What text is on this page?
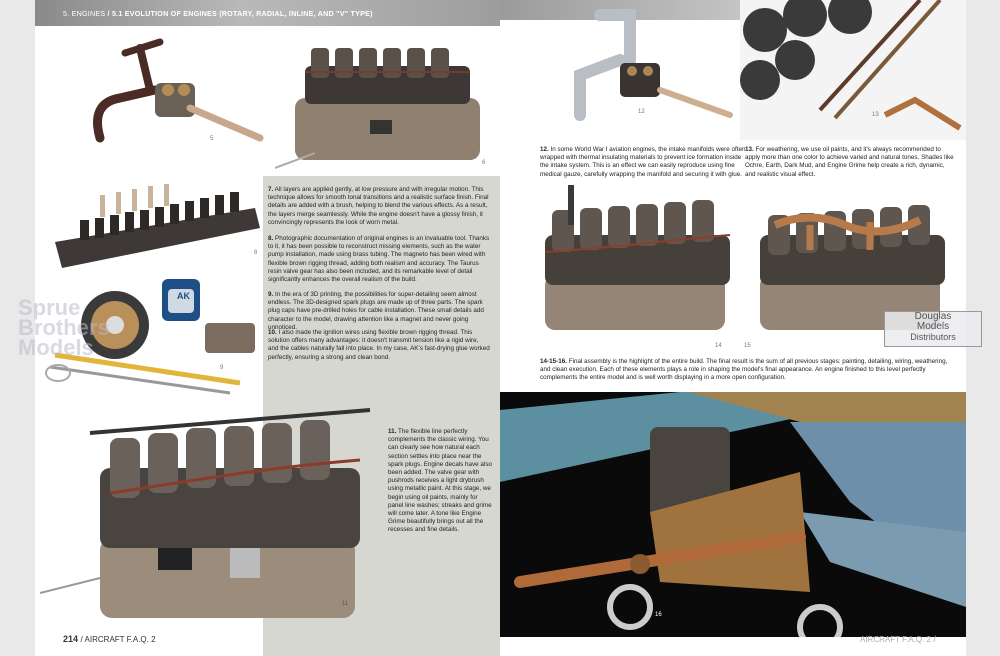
5. ENGINES / 5.1 EVOLUTION OF ENGINES (ROTARY, RADIAL, INLINE, AND "V" TYPE)
5
6
8
AK
9
11
7. All layers are applied gently, at low pressure and with irregular motion. This technique allows for smooth tonal transitions and a realistic surface finish. Final details are added with a brush, helping to blend the various effects. As a result, the layers merge seamlessly. While the engine doesn't have a glossy finish, it convincingly represents the look of worn metal.
8. Photographic documentation of original engines is an invaluable tool. Thanks to it, it has been possible to reconstruct missing elements, such as the water pump installation, made using brass tubing. The magneto has been wired with flexible brown rigging thread, adding both realism and accuracy. The Taurus resin valve gear has also been included, and its remarkable level of detail significantly enhances the overall realism of the build.
9. In the era of 3D printing, the possibilities for super-detailing seem almost endless. The 3D-designed spark plugs are made up of three parts. The spark plug caps have pre-drilled holes for cable installation. These small details add character to the model, drawing attention like a magnet and never going unnoticed.
10. I also made the ignition wires using flexible brown rigging thread. This solution offers many advantages: it doesn't transmit tension like a rigid wire, and the cables naturally fall into place. In my case, AK's fast-drying glue worked perfectly, ensuring a strong and clean bond.
11. The flexible line perfectly complements the classic wiring. You can clearly see how natural each section settles into place near the spark plugs. Engine decals have also been added. The valve gear with pushrods receives a light drybrush using metallic paint. At this stage, we begin using oil paints, mainly for panel line washes; streaks and grime will come later. A tone like Engine Grime beautifully brings out all the recesses and fine details.
214 / AIRCRAFT F.A.Q. 2
Sprue
Brothers
Models
12	13
12. In some World War I aviation engines, the intake manifolds were often wrapped with thermal insulating materials to prevent ice formation inside the intake system. This is an effect we can easily reproduce using fine medical gauze, carefully wrapping the manifold and securing it with glue.
13. For weathering, we use oil paints, and it's always recommended to apply more than one color to achieve varied and natural tones. Shades like Ochre, Earth, Dark Mud, and Engine Grime help create a rich, dynamic, and realistic visual effect.
14	15
14-15-16. Final assembly is the highlight of the entire build. The final result is the sum of all previous stages: painting, detailing, wiring, weathering, and clean execution. Each of these elements plays a role in shaping the model's final appearance. An engine finished to this level perfectly complements the entire model and is well worth displaying in a more open configuration.
16
AIRCRAFT F.A.Q. 2 /
Douglas
Models
Distributors
